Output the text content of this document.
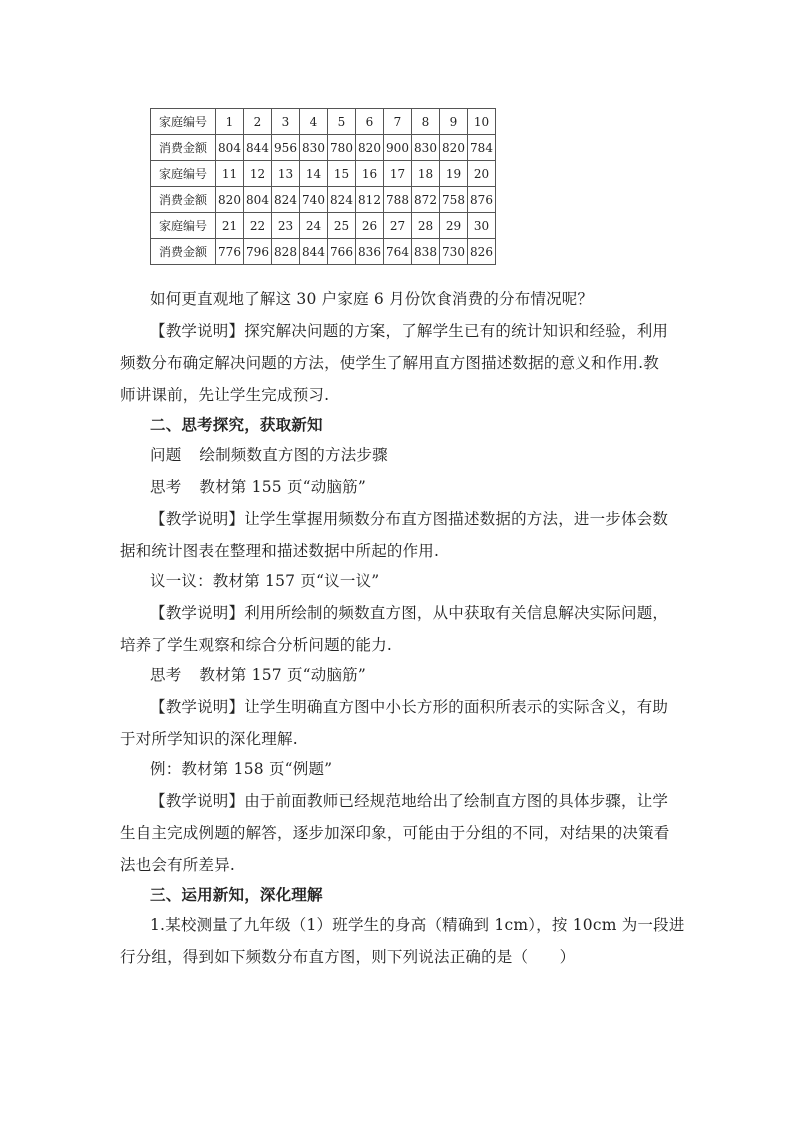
家庭编号	1	2	3	4	5	6	7	8	9	10
消费金额	804	844	956	830	780	820	900	830	820	784
家庭编号	11	12	13	14	15	16	17	18	19	20
消费金额	820	804	824	740	824	812	788	872	758	876
家庭编号	21	22	23	24	25	26	27	28	29	30
消费金额	776	796	828	844	766	836	764	838	730	826
如何更直观地了解这 30 户家庭 6 月份饮食消费的分布情况呢？
【教学说明】探究解决问题的方案，了解学生已有的统计知识和经验，利用
频数分布确定解决问题的方法，使学生了解用直方图描述数据的意义和作用.教
师讲课前，先让学生完成预习.
二、思考探究，获取新知
问题 绘制频数直方图的方法步骤
思考 教材第 155 页“动脑筋”
【教学说明】让学生掌握用频数分布直方图描述数据的方法，进一步体会数
据和统计图表在整理和描述数据中所起的作用.
议一议：教材第 157 页“议一议”
【教学说明】利用所绘制的频数直方图，从中获取有关信息解决实际问题，
培养了学生观察和综合分析问题的能力.
思考 教材第 157 页“动脑筋”
【教学说明】让学生明确直方图中小长方形的面积所表示的实际含义，有助
于对所学知识的深化理解.
例：教材第 158 页“例题”
【教学说明】由于前面教师已经规范地给出了绘制直方图的具体步骤，让学
生自主完成例题的解答，逐步加深印象，可能由于分组的不同，对结果的决策看
法也会有所差异.
三、运用新知，深化理解
1.某校测量了九年级（1）班学生的身高（精确到 1cm），按 10cm 为一段进
行分组，得到如下频数分布直方图，则下列说法正确的是（　　）
